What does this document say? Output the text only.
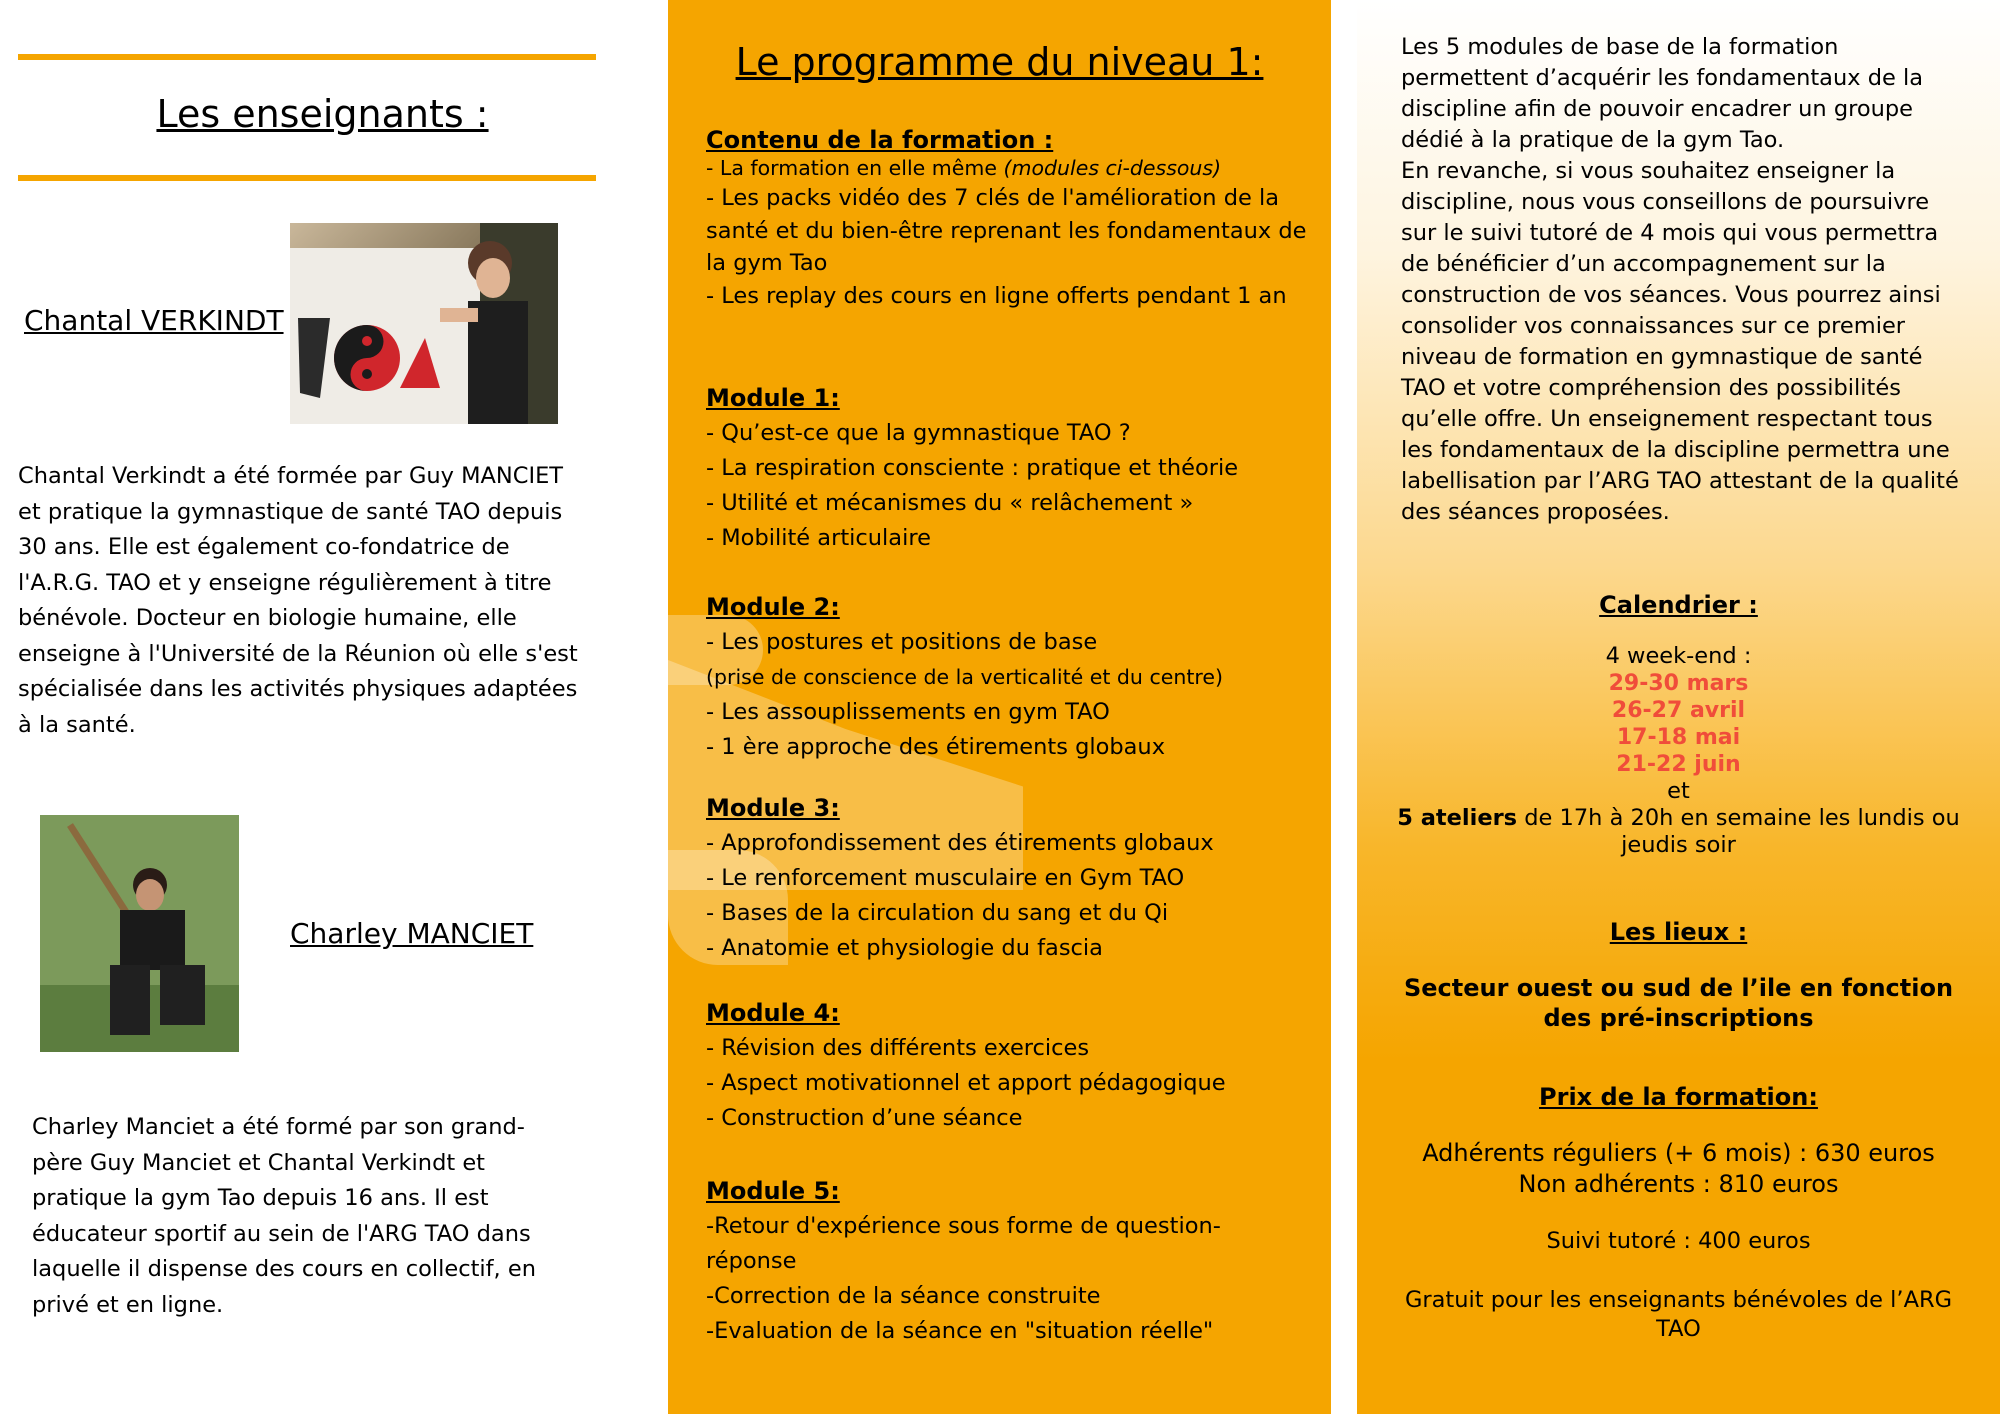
Les enseignants :
Chantal VERKINDT
Chantal Verkindt a été formée par Guy MANCIET et pratique la gymnastique de santé TAO depuis 30 ans. Elle est également co-fondatrice de l'A.R.G. TAO et y enseigne régulièrement à titre bénévole. Docteur en biologie humaine, elle enseigne à l'Université de la Réunion où elle s'est spécialisée dans les activités physiques adaptées à la santé.
Charley MANCIET
Charley Manciet a été formé par son grand-père Guy Manciet et Chantal Verkindt et pratique la gym Tao depuis 16 ans. Il est éducateur sportif au sein de l'ARG TAO dans laquelle il dispense des cours en collectif, en privé et en ligne.
Le programme du niveau 1:
Contenu de la formation :
- La formation en elle même (modules ci-dessous)
- Les packs vidéo des 7 clés de l'amélioration de la santé et du bien-être reprenant les fondamentaux de la gym Tao
- Les replay des cours en ligne offerts pendant 1 an
Module 1:
- Qu’est-ce que la gymnastique TAO ?
- La respiration consciente : pratique et théorie
- Utilité et mécanismes du « relâchement »
- Mobilité articulaire
Module 2:
- Les postures et positions de base
(prise de conscience de la verticalité et du centre)
- Les assouplissements en gym TAO
- 1 ère approche des étirements globaux
Module 3:
- Approfondissement des étirements globaux
- Le renforcement musculaire en Gym TAO
- Bases de la circulation du sang et du Qi
- Anatomie et physiologie du fascia
Module 4:
- Révision des différents exercices
- Aspect motivationnel et apport pédagogique
- Construction d’une séance
Module 5:
-Retour d'expérience sous forme de question-réponse
-Correction de la séance construite
-Evaluation de la séance en "situation réelle"
Les 5 modules de base de la formation permettent d’acquérir les fondamentaux de la discipline afin de pouvoir encadrer un groupe dédié à la pratique de la gym Tao.
En revanche, si vous souhaitez enseigner la discipline, nous vous conseillons de poursuivre sur le suivi tutoré de 4 mois qui vous permettra de bénéficier d’un accompagnement sur la construction de vos séances. Vous pourrez ainsi consolider vos connaissances sur ce premier niveau de formation en gymnastique de santé TAO et votre compréhension des possibilités qu’elle offre. Un enseignement respectant tous les fondamentaux de la discipline permettra une labellisation par l’ARG TAO attestant de la qualité des séances proposées.
Calendrier :
4 week-end :
29-30 mars
26-27 avril
17-18 mai
21-22 juin
et
5 ateliers de 17h à 20h en semaine les lundis ou jeudis soir
Les lieux :
Secteur ouest ou sud de l’ile en fonction des pré-inscriptions
Prix de la formation:
Adhérents réguliers (+ 6 mois) : 630 euros
Non adhérents : 810 euros
Suivi tutoré : 400 euros
Gratuit pour les enseignants bénévoles de l’ARG TAO
